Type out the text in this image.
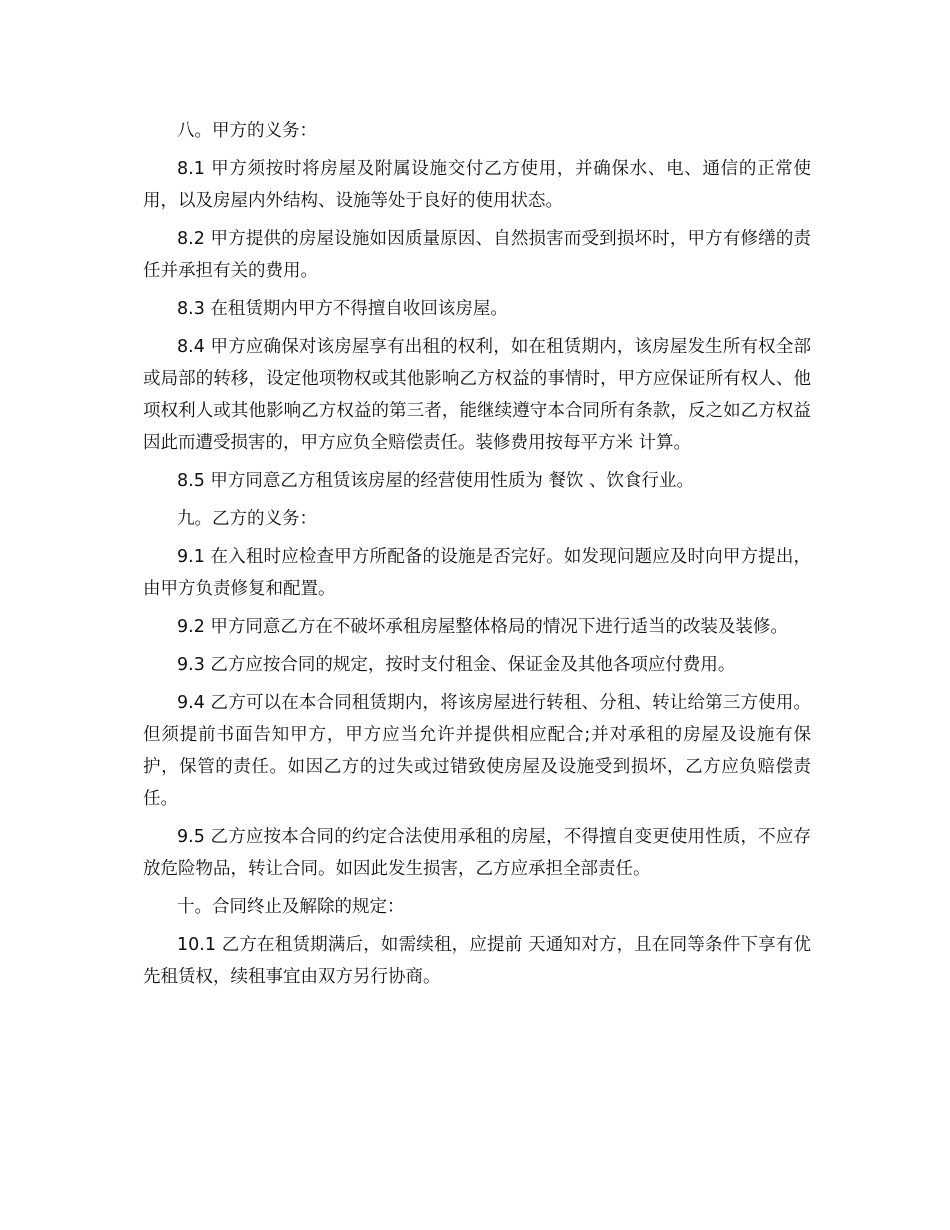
八。甲方的义务：

8.1 甲方须按时将房屋及附属设施交付乙方使用，并确保水、电、通信的正常使用，以及房屋内外结构、设施等处于良好的使用状态。

8.2 甲方提供的房屋设施如因质量原因、自然损害而受到损坏时，甲方有修缮的责任并承担有关的费用。

8.3 在租赁期内甲方不得擅自收回该房屋。

8.4 甲方应确保对该房屋享有出租的权利，如在租赁期内，该房屋发生所有权全部或局部的转移，设定他项物权或其他影响乙方权益的事情时，甲方应保证所有权人、他项权利人或其他影响乙方权益的第三者，能继续遵守本合同所有条款，反之如乙方权益因此而遭受损害的，甲方应负全赔偿责任。装修费用按每平方米 计算。

8.5 甲方同意乙方租赁该房屋的经营使用性质为 餐饮 、饮食行业。

九。乙方的义务：

9.1 在入租时应检查甲方所配备的设施是否完好。如发现问题应及时向甲方提出，由甲方负责修复和配置。

9.2 甲方同意乙方在不破坏承租房屋整体格局的情况下进行适当的改装及装修。

9.3 乙方应按合同的规定，按时支付租金、保证金及其他各项应付费用。

9.4 乙方可以在本合同租赁期内，将该房屋进行转租、分租、转让给第三方使用。但须提前书面告知甲方，甲方应当允许并提供相应配合;并对承租的房屋及设施有保护，保管的责任。如因乙方的过失或过错致使房屋及设施受到损坏，乙方应负赔偿责任。

9.5 乙方应按本合同的约定合法使用承租的房屋，不得擅自变更使用性质，不应存放危险物品，转让合同。如因此发生损害，乙方应承担全部责任。

十。合同终止及解除的规定：

10.1 乙方在租赁期满后，如需续租，应提前 天通知对方，且在同等条件下享有优先租赁权，续租事宜由双方另行协商。
